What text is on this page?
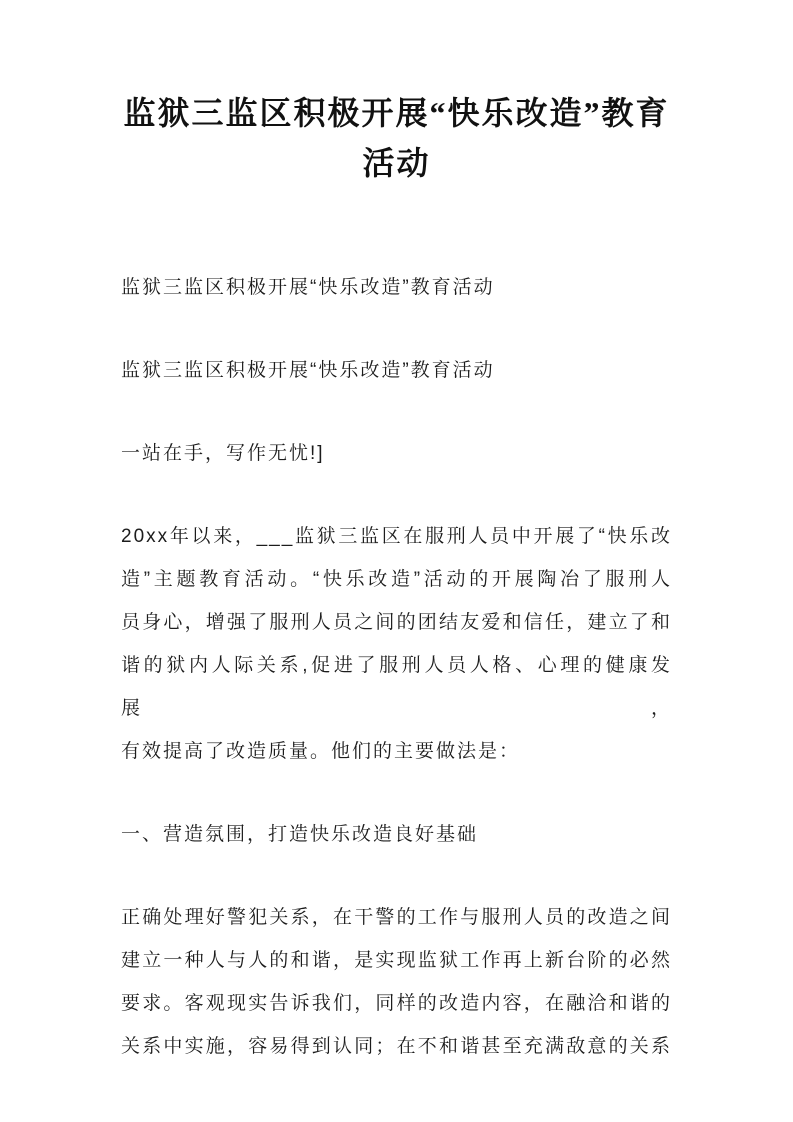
监狱三监区积极开展“快乐改造”教育
活动

监狱三监区积极开展“快乐改造”教育活动

监狱三监区积极开展“快乐改造”教育活动

一站在手，写作无忧!]

20xx年以来，___监狱三监区在服刑人员中开展了“快乐改
造”主题教育活动。“快乐改造”活动的开展陶冶了服刑人
员身心，增强了服刑人员之间的团结友爱和信任，建立了和
谐的狱内人际关系,促进了服刑人员人格、心理的健康发展，
有效提高了改造质量。他们的主要做法是：

一、营造氛围，打造快乐改造良好基础

正确处理好警犯关系，在干警的工作与服刑人员的改造之间
建立一种人与人的和谐，是实现监狱工作再上新台阶的必然
要求。客观现实告诉我们，同样的改造内容，在融洽和谐的
关系中实施，容易得到认同；在不和谐甚至充满敌意的关系
